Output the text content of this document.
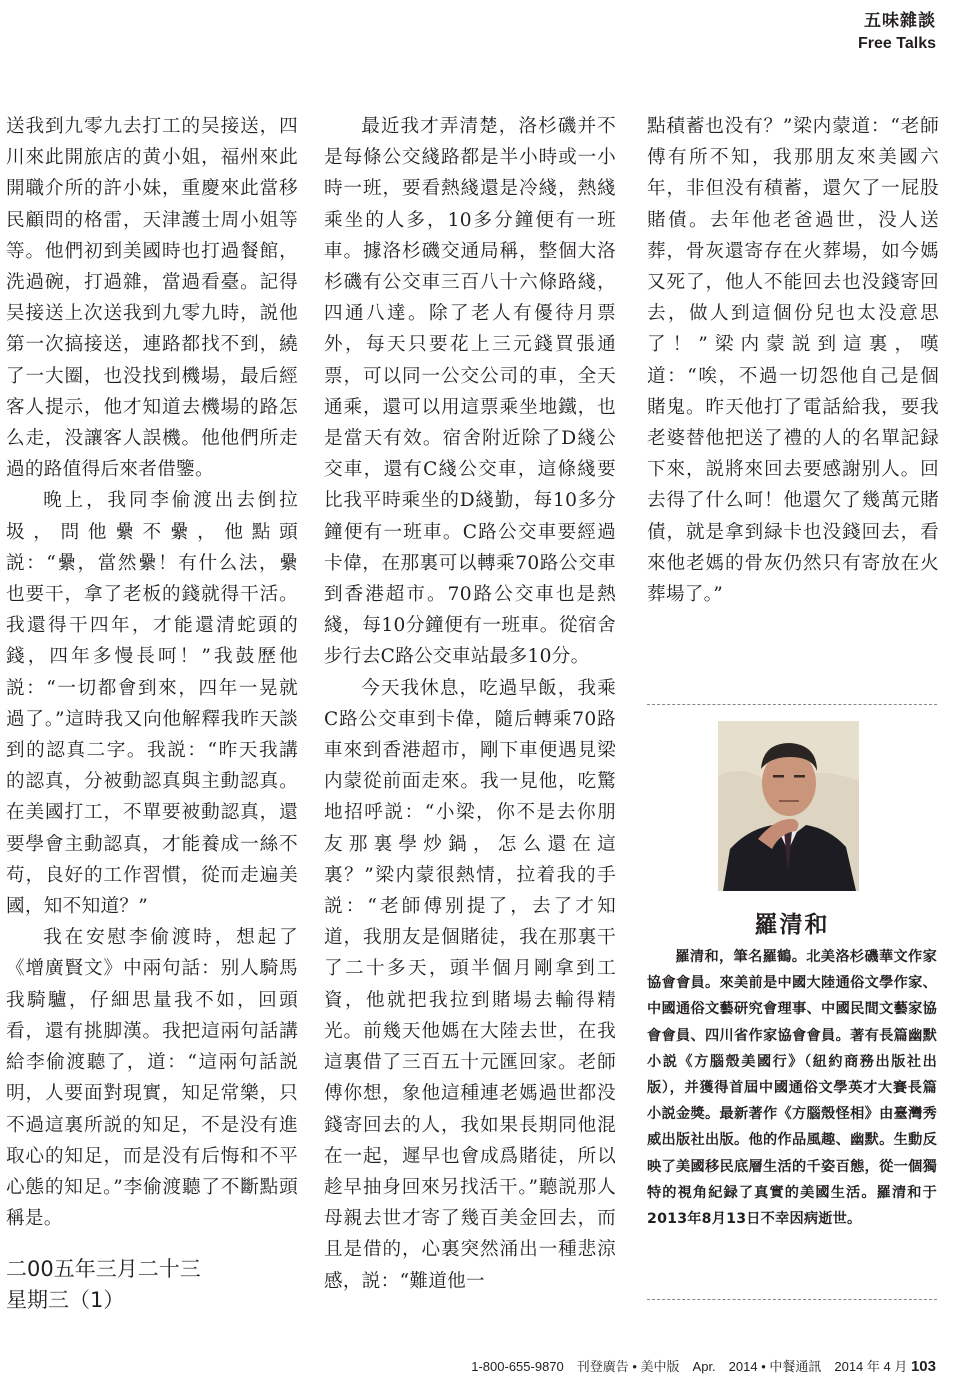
五味雜談
Free Talks

送我到九零九去打工的吴接送，四川來此開旅店的黄小姐，福州來此開職介所的許小妹，重慶來此當移民顧問的格雷，天津護士周小姐等等。他們初到美國時也打過餐館，洗過碗，打過雜，當過看臺。記得吴接送上次送我到九零九時，説他第一次搞接送，連路都找不到，繞了一大圈，也没找到機場，最后經客人提示，他才知道去機場的路怎么走，没讓客人誤機。他他們所走過的路值得后來者借鑒。

晚上，我同李偷渡出去倒拉圾，問他纍不纍，他點頭説：“纍，當然纍！有什么法，纍也要干，拿了老板的錢就得干活。我還得干四年，才能還清蛇頭的錢，四年多慢長呵！”我鼓歷他説：“一切都會到來，四年一晃就過了。”這時我又向他解釋我昨天談到的認真二字。我説：“昨天我講的認真，分被動認真與主動認真。在美國打工，不單要被動認真，還要學會主動認真，才能養成一絲不苟，良好的工作習慣，從而走遍美國，知不知道？”

我在安慰李偷渡時，想起了《增廣賢文》中兩句話：别人騎馬我騎驢，仔細思量我不如，回頭看，還有挑脚漢。我把這兩句話講給李偷渡聽了，道：“這兩句話説明，人要面對現實，知足常樂，只不過這裏所説的知足，不是没有進取心的知足，而是没有后悔和不平心態的知足。”李偷渡聽了不斷點頭稱是。

二00五年三月二十三
星期三（1）

最近我才弄清楚，洛杉磯并不是每條公交綫路都是半小時或一小時一班，要看熱綫還是冷綫，熱綫乘坐的人多，10多分鐘便有一班車。據洛杉磯交通局稱，整個大洛杉磯有公交車三百八十六條路綫，四通八達。除了老人有優待月票外，每天只要花上三元錢買張通票，可以同一公交公司的車，全天通乘，還可以用這票乘坐地鐵，也是當天有效。宿舍附近除了D綫公交車，還有C綫公交車，這條綫要比我平時乘坐的D綫勤，每10多分鐘便有一班車。C路公交車要經過卡偉，在那裏可以轉乘70路公交車到香港超市。70路公交車也是熱綫，每10分鐘便有一班車。從宿舍步行去C路公交車站最多10分。

今天我休息，吃過早飯，我乘C路公交車到卡偉，隨后轉乘70路車來到香港超市，剛下車便遇見梁内蒙從前面走來。我一見他，吃驚地招呼説：“小梁，你不是去你朋友那裏學炒鍋，怎么還在這裏？”梁内蒙很熱情，拉着我的手説：“老師傅别提了，去了才知道，我朋友是個賭徒，我在那裏干了二十多天，頭半個月剛拿到工資，他就把我拉到賭場去輸得精光。前幾天他媽在大陸去世，在我這裏借了三百五十元匯回家。老師傅你想，象他這種連老媽過世都没錢寄回去的人，我如果長期同他混在一起，遲早也會成爲賭徒，所以趁早抽身回來另找活干。”聽説那人母親去世才寄了幾百美金回去，而且是借的，心裏突然涌出一種悲涼感，説：“難道他一

點積蓄也没有？”梁内蒙道：“老師傅有所不知，我那朋友來美國六年，非但没有積蓄，還欠了一屁股賭債。去年他老爸過世，没人送葬，骨灰還寄存在火葬場，如今媽又死了，他人不能回去也没錢寄回去，做人到這個份兒也太没意思了！”梁内蒙説到這裏，嘆道：“唉，不過一切怨他自己是個賭鬼。昨天他打了電話給我，要我老婆替他把送了禮的人的名單記録下來，説將來回去要感謝别人。回去得了什么呵！他還欠了幾萬元賭債，就是拿到緑卡也没錢回去，看來他老媽的骨灰仍然只有寄放在火葬場了。”

羅清和

羅清和，筆名羅鶴。北美洛杉磯華文作家協會會員。來美前是中國大陸通俗文學作家、中國通俗文藝研究會理事、中國民間文藝家協會會員、四川省作家協會會員。著有長篇幽默小説《方腦殼美國行》（紐約商務出版社出版），并獲得首屆中國通俗文學英才大賽長篇小説金獎。最新著作《方腦殼怪相》由臺灣秀威出版社出版。他的作品風趣、幽默。生動反映了美國移民底層生活的千姿百態，從一個獨特的視角紀録了真實的美國生活。羅清和于2013年8月13日不幸因病逝世。

1-800-655-9870　刊登廣告 • 美中版　Apr.　2014 • 中餐通訊　2014 年 4 月 103
